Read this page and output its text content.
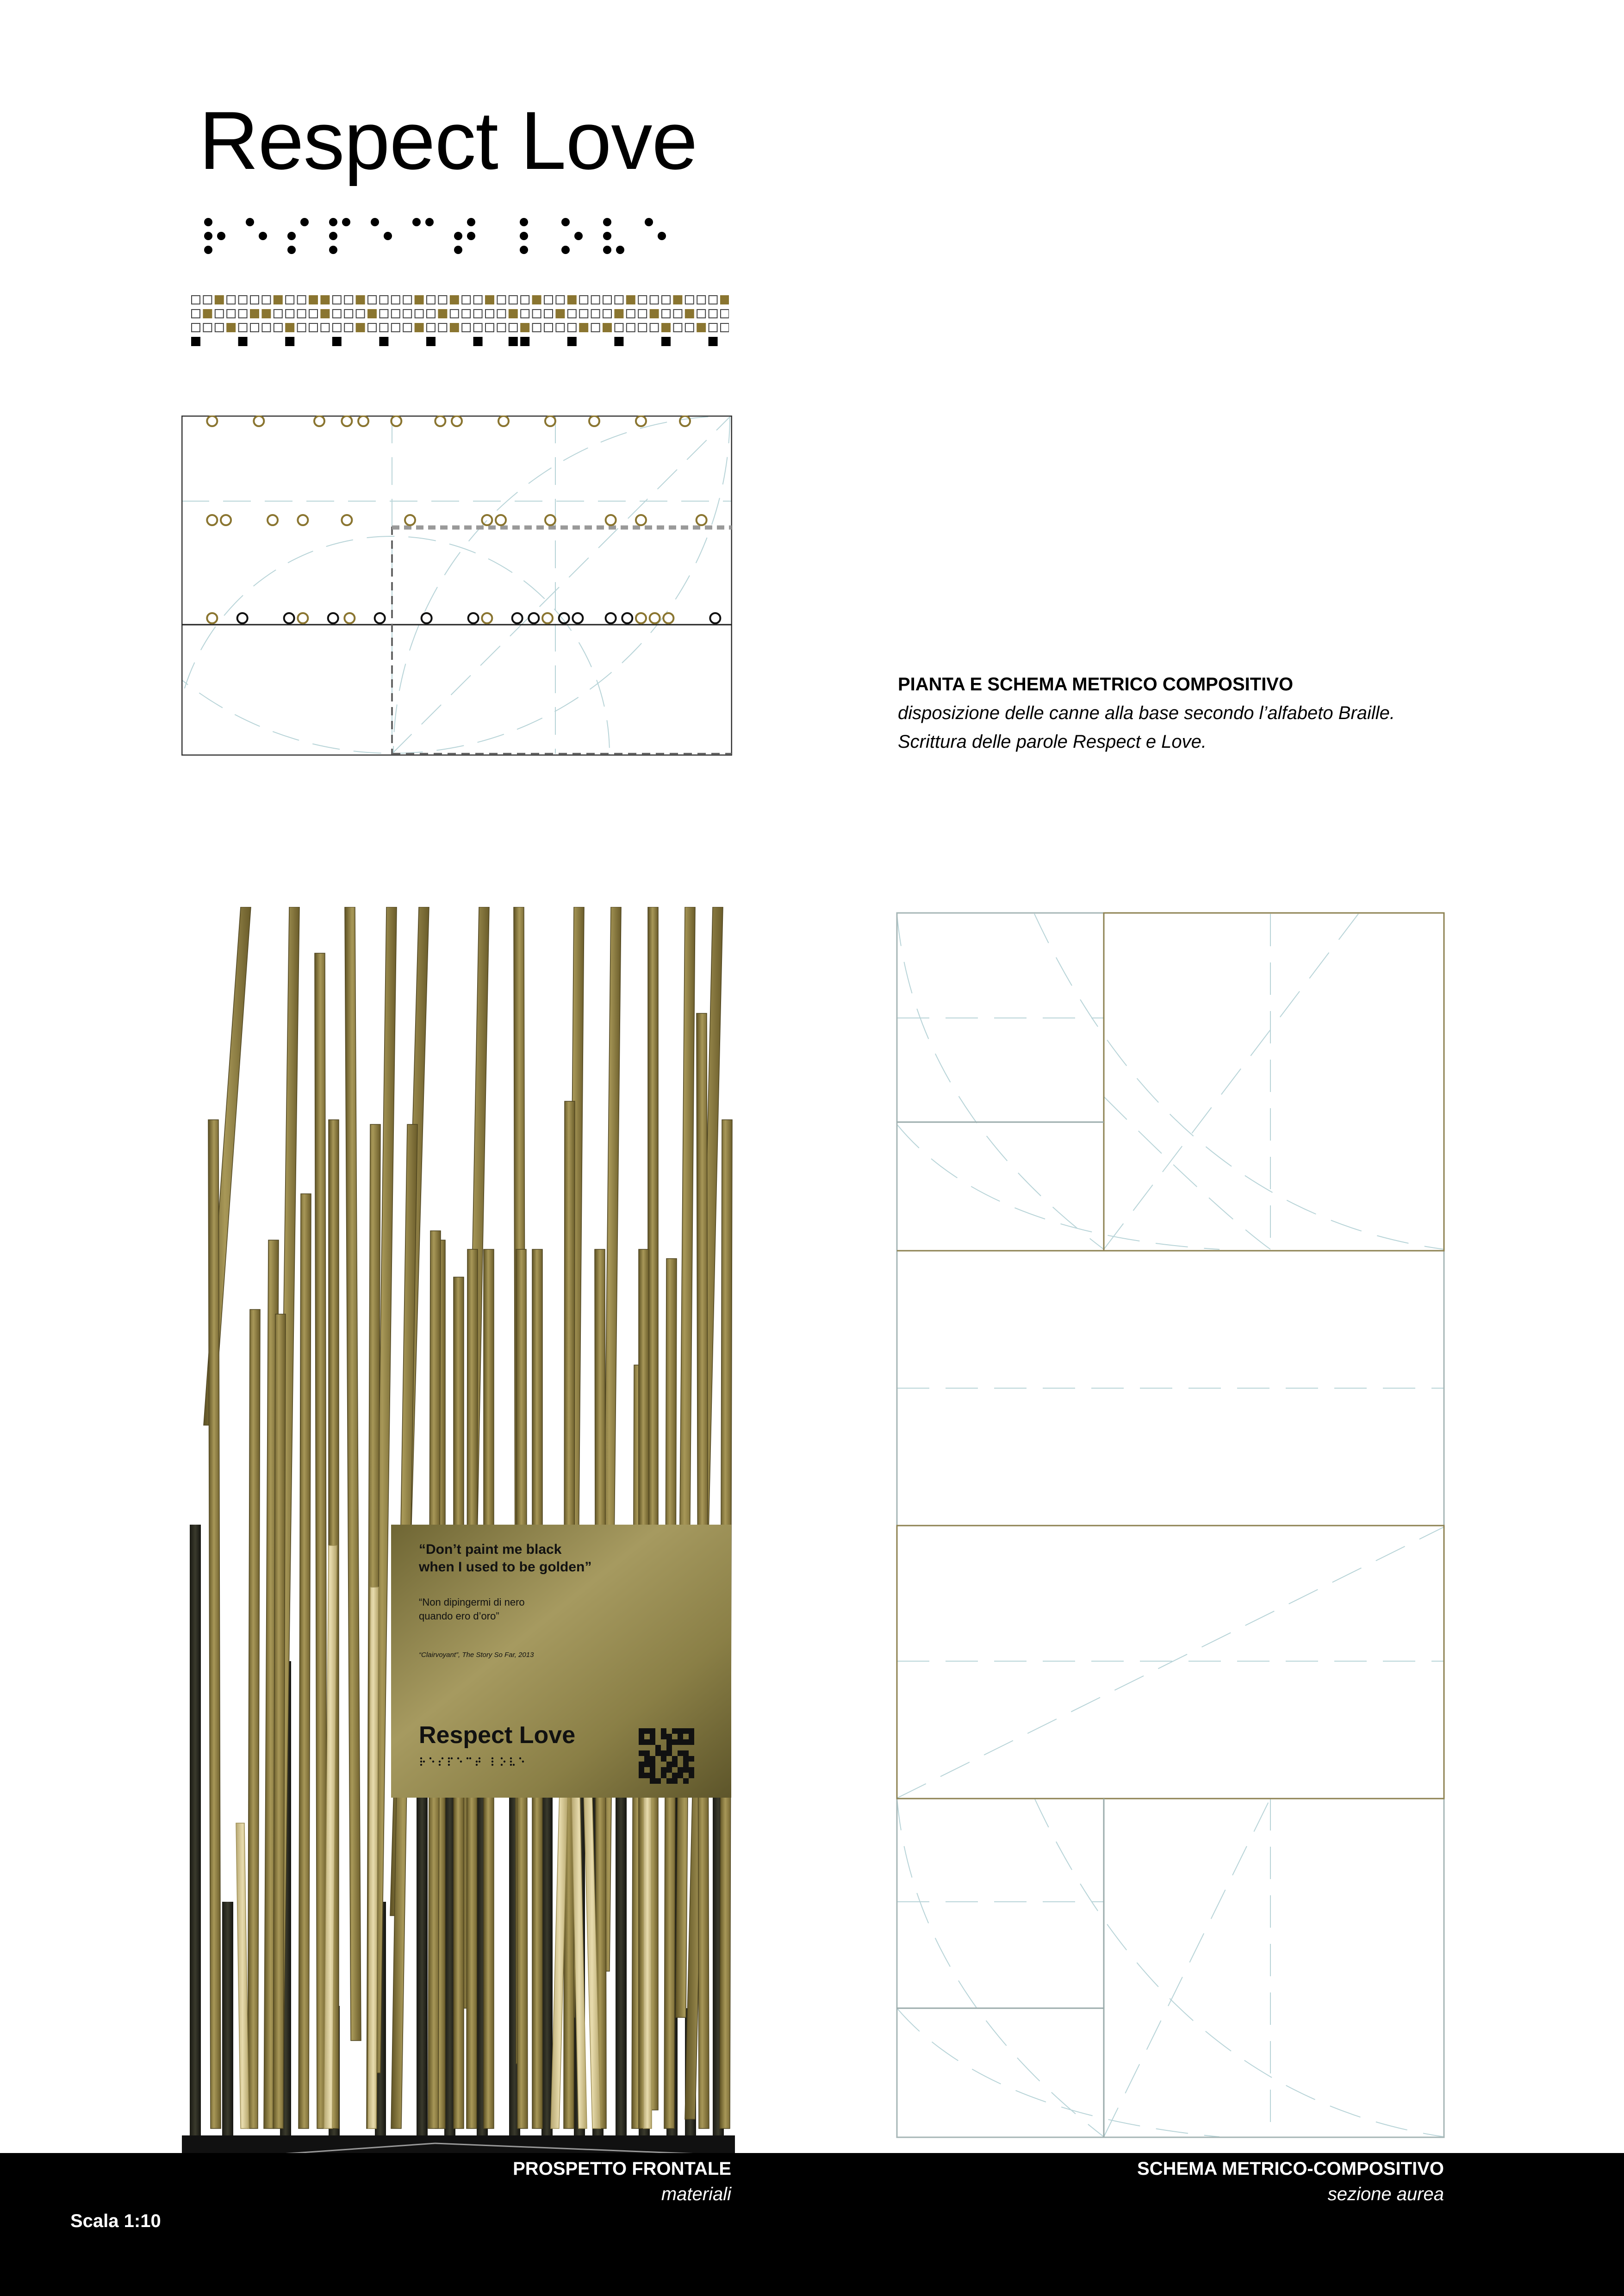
Respect Love
PIANTA E SCHEMA METRICO COMPOSITIVO
disposizione delle canne alla base secondo l’alfabeto Braille.
Scrittura delle parole Respect e Love.
“Don’t paint me black
when I used to be golden”
“Non dipingermi di nero
quando ero d’oro”
“Clairvoyant”, The Story So Far, 2013
Respect Love
PROSPETTO FRONTALE
materiali
SCHEMA METRICO-COMPOSITIVO
sezione aurea
Scala 1:10
